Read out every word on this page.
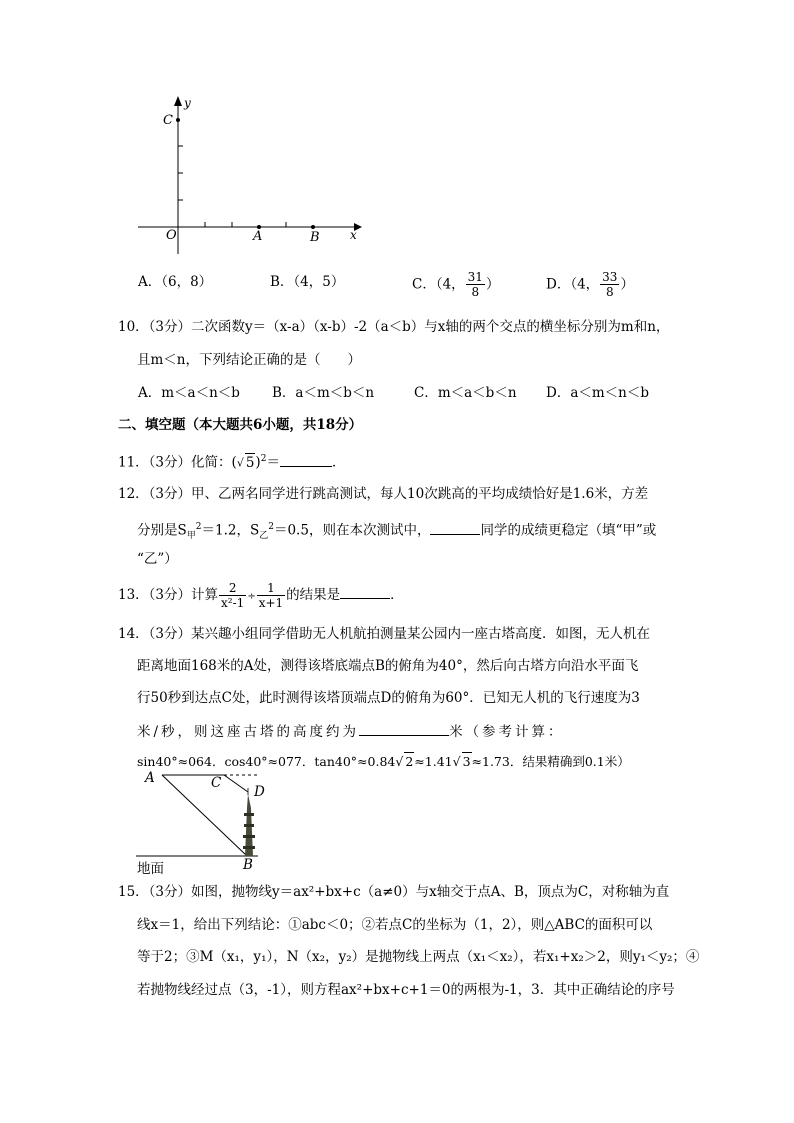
y
x
O
C
A	B
A．（6，8）	B．（4，5）	C．（4， $\frac{31}{8}$ ）	D．（4， $\frac{33}{8}$ ）
10．（3分）二次函数y＝（x-a）（x-b）-2（a＜b）与x轴的两个交点的横坐标分别为m和n，
且m＜n，下列结论正确的是（　　）
A．m＜a＜n＜b B．a＜m＜b＜n	C．m＜a＜b＜n D．a＜m＜n＜b
二、填空题（本大题共6小题，共18分）
11．（3分）化简：(√ 5)$^2$＝	．
12．（3分）甲、乙两名同学进行跳高测试，每人10次跳高的平均成绩恰好是1.6米，方差
分别是$S_甲^2=1.2$，$S_乙^2=0.5$，则在本次测试中，	同学的成绩更稳定（填“甲”或
“乙”）
13．（3分）计算 $\frac{2}{\text{x²-1}} \div \frac{1}{x+1}$ 的结果是	．
14．（3分）某兴趣小组同学借助无人机航拍测量某公园内一座古塔高度．如图，无人机在
距离地面168米的A处，测得该塔底端点B的俯角为40°，然后向古塔方向沿水平面飞
行50秒到达点C处，此时测得该塔顶端点D的俯角为60°．已知无人机的飞行速度为3
米/秒，则这座古塔的高度约为	米（参考计算：
sin40°≈064．cos40°≈077．tan40°≈0.84√ 2≈1.41√ 3≈1.73．结果精确到0.1米）
A	C
D
B
地面
15．（3分）如图，抛物线y＝ax²+bx+c（a≠0）与x轴交于点A、B，顶点为C，对称轴为直
线x＝1，给出下列结论：①abc＜0；②若点C的坐标为（1，2），则△ABC的面积可以
等于2；③M（x₁，y₁），N（x₂，y₂）是抛物线上两点（x₁＜x₂），若x₁+x₂＞2，则y₁＜y₂；④
若抛物线经过点（3，-1），则方程ax²+bx+c+1＝0的两根为-1，3．其中正确结论的序号
